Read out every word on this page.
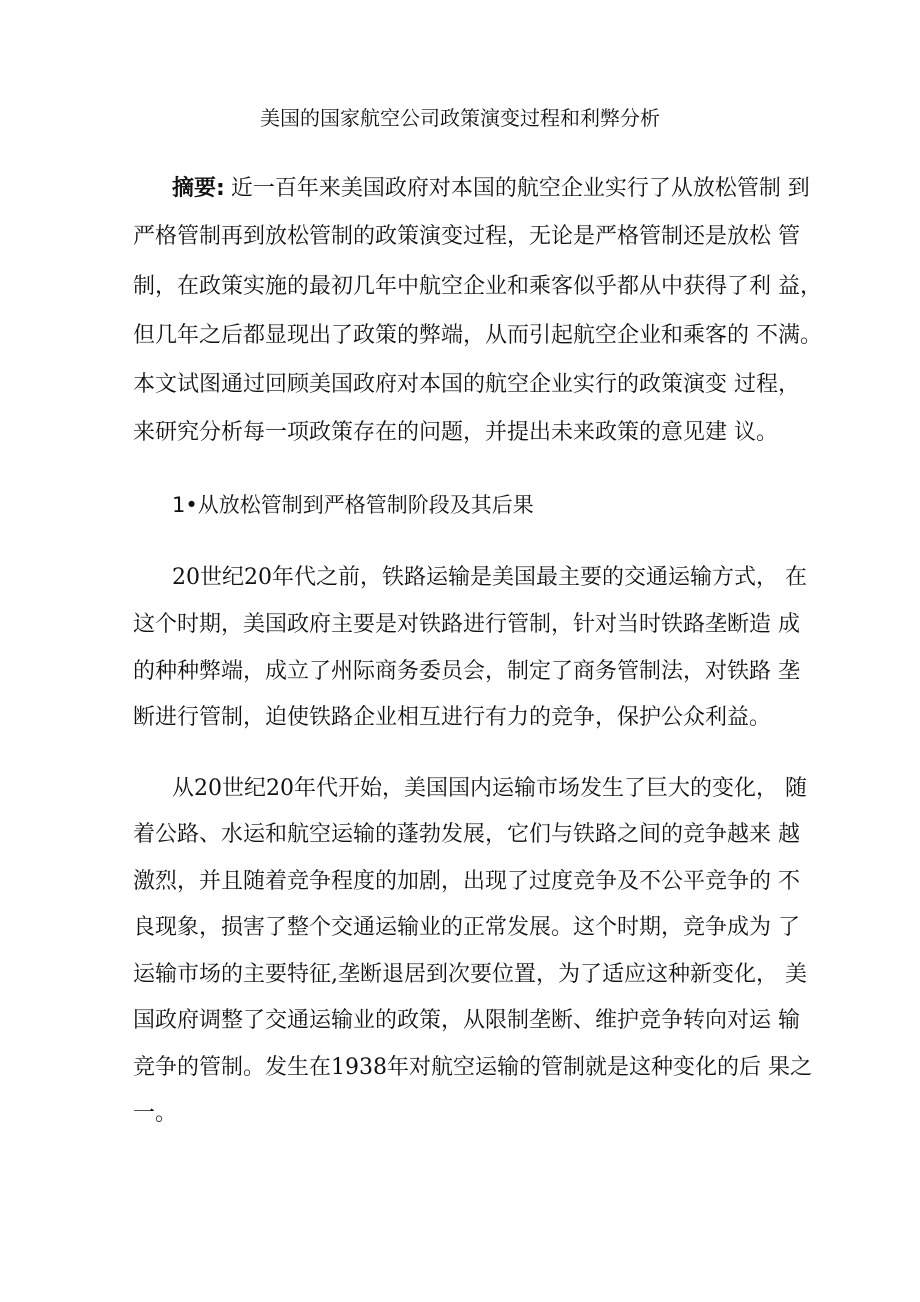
美国的国家航空公司政策演变过程和利弊分析
摘要: 近一百年来美国政府对本国的航空企业实行了从放松管制 到
严格管制再到放松管制的政策演变过程，无论是严格管制还是放松 管
制，在政策实施的最初几年中航空企业和乘客似乎都从中获得了利 益，
但几年之后都显现出了政策的弊端，从而引起航空企业和乘客的 不满。
本文试图通过回顾美国政府对本国的航空企业实行的政策演变 过程，
来研究分析每一项政策存在的问题，并提出未来政策的意见建 议。
1•从放松管制到严格管制阶段及其后果
20世纪20年代之前，铁路运输是美国最主要的交通运输方式， 在
这个时期，美国政府主要是对铁路进行管制，针对当时铁路垄断造 成
的种种弊端，成立了州际商务委员会，制定了商务管制法，对铁路 垄
断进行管制，迫使铁路企业相互进行有力的竞争，保护公众利益。
从20世纪20年代开始，美国国内运输市场发生了巨大的变化， 随
着公路、水运和航空运输的蓬勃发展，它们与铁路之间的竞争越来 越
激烈，并且随着竞争程度的加剧，出现了过度竞争及不公平竞争的 不
良现象，损害了整个交通运输业的正常发展。这个时期，竞争成为 了
运输市场的主要特征,垄断退居到次要位置，为了适应这种新变化， 美
国政府调整了交通运输业的政策，从限制垄断、维护竞争转向对运 输
竞争的管制。发生在1938年对航空运输的管制就是这种变化的后 果之
一。
